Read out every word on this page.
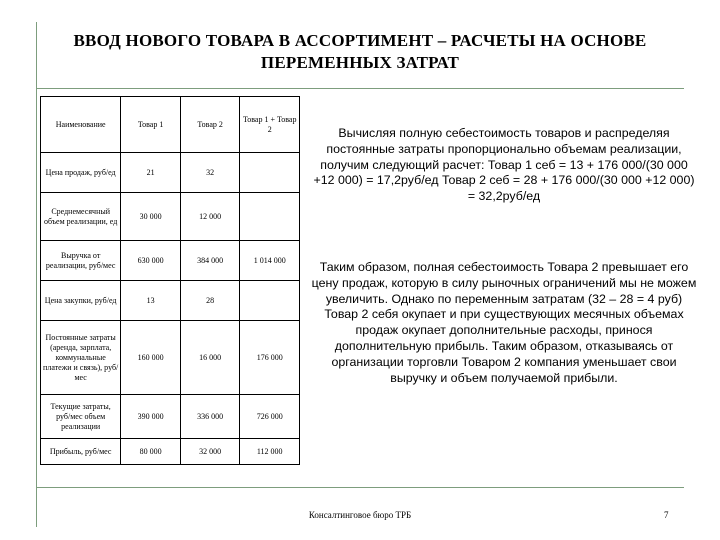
ВВОД НОВОГО ТОВАРА В АССОРТИМЕНТ – РАСЧЕТЫ НА ОСНОВЕ ПЕРЕМЕННЫХ ЗАТРАТ
Наименование	Товар 1	Товар 2	Товар 1 + Товар 2
Цена продаж, руб/ед	21	32	
Среднемесячный объем реализации, ед	30 000	12 000	
Выручка от реализации, руб/мес	630 000	384 000	1 014 000
Цена закупки, руб/ед	13	28	
Постоянные затраты (аренда, зарплата, коммунальные платежи и связь), руб/мес	160 000	16 000	176 000
Текущие затраты, руб/мес объем реализации	390 000	336 000	726 000
Прибыль, руб/мес	80 000	32 000	112 000
Вычисляя полную себестоимость товаров и распределяя постоянные затраты пропорционально объемам реализации, получим следующий расчет: Товар 1 себ = 13 + 176 000/(30 000 +12 000) = 17,2руб/ед Товар 2 себ = 28 + 176 000/(30 000 +12 000) = 32,2руб/ед
Таким образом, полная себестоимость Товара 2 превышает его цену продаж, которую в силу рыночных ограничений мы не можем увеличить. Однако по переменным затратам (32 – 28 = 4 руб) Товар 2 себя окупает и при существующих месячных объемах продаж окупает дополнительные расходы, принося дополнительную прибыль. Таким образом, отказываясь от организации торговли Товаром 2 компания уменьшает свои выручку и объем получаемой прибыли.
Консалтинговое бюро ТРБ	7
